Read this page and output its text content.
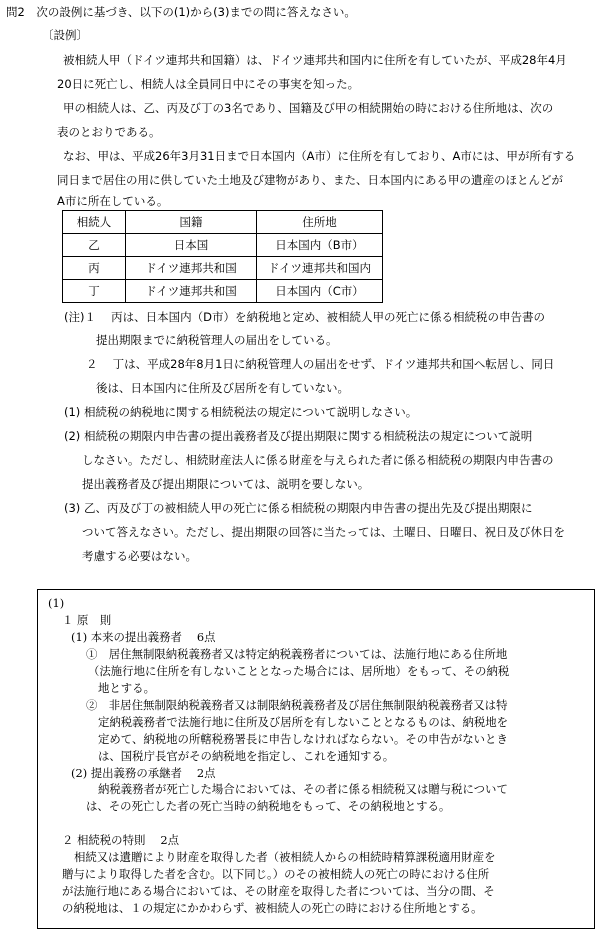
問2　次の設例に基づき、以下の(1)から(3)までの問に答えなさい。
〔設例〕
被相続人甲（ドイツ連邦共和国籍）は、ドイツ連邦共和国内に住所を有していたが、平成28年4月
20日に死亡し、相続人は全員同日中にその事実を知った。
甲の相続人は、乙、丙及び丁の3名であり、国籍及び甲の相続開始の時における住所地は、次の
表のとおりである。
なお、甲は、平成26年3月31日まで日本国内（A市）に住所を有しており、A市には、甲が所有する
同日まで居住の用に供していた土地及び建物があり、また、日本国内にある甲の遺産のほとんどが
A市に所在している。
相続人	国籍	住所地
乙	日本国	日本国内（B市）
丙	ドイツ連邦共和国	ドイツ連邦共和国内
丁	ドイツ連邦共和国	日本国内（C市）
(注)１　 丙は、日本国内（D市）を納税地と定め、被相続人甲の死亡に係る相続税の申告書の
提出期限までに納税管理人の届出をしている。
２　 丁は、平成28年8月1日に納税管理人の届出をせず、ドイツ連邦共和国へ転居し、同日
後は、日本国内に住所及び居所を有していない。
(1) 相続税の納税地に関する相続税法の規定について説明しなさい。
(2) 相続税の期限内申告書の提出義務者及び提出期限に関する相続税法の規定について説明
しなさい。ただし、相続財産法人に係る財産を与えられた者に係る相続税の期限内申告書の
提出義務者及び提出期限については、説明を要しない。
(3) 乙、丙及び丁の被相続人甲の死亡に係る相続税の期限内申告書の提出先及び提出期限に
ついて答えなさい。ただし、提出期限の回答に当たっては、土曜日、日曜日、祝日及び休日を
考慮する必要はない。
(1)
１ 原　則
(1) 本来の提出義務者　 6点
①　居住無制限納税義務者又は特定納税義務者については、法施行地にある住所地
（法施行地に住所を有しないこととなった場合には、居所地）をもって、その納税
地とする。
②　非居住無制限納税義務者又は制限納税義務者及び居住無制限納税義務者又は特
定納税義務者で法施行地に住所及び居所を有しないこととなるものは、納税地を
定めて、納税地の所轄税務署長に申告しなければならない。その申告がないとき
は、国税庁長官がその納税地を指定し、これを通知する。
(2) 提出義務の承継者　 2点
納税義務者が死亡した場合においては、その者に係る相続税又は贈与税について
は、その死亡した者の死亡当時の納税地をもって、その納税地とする。
２ 相続税の特則　 2点
相続又は遺贈により財産を取得した者（被相続人からの相続時精算課税適用財産を
贈与により取得した者を含む。以下同じ。）のその被相続人の死亡の時における住所
が法施行地にある場合においては、その財産を取得した者については、当分の間、そ
の納税地は、１の規定にかかわらず、被相続人の死亡の時における住所地とする。
